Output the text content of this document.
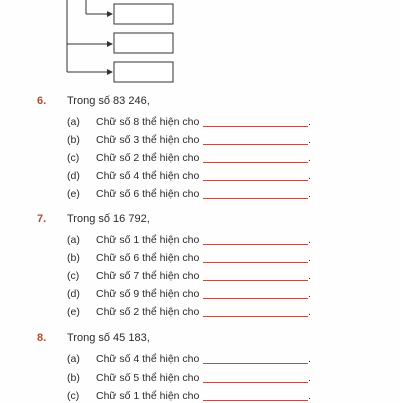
6. Trong số 83 246,
(a) Chữ số 8 thể hiện cho	.
(b) Chữ số 3 thể hiện cho	.
(c) Chữ số 2 thể hiện cho	.
(d) Chữ số 4 thể hiện cho	.
(e) Chữ số 6 thể hiện cho	.
7. Trong số 16 792,
(a) Chữ số 1 thể hiện cho	.
(b) Chữ số 6 thể hiện cho	.
(c) Chữ số 7 thể hiện cho	.
(d) Chữ số 9 thể hiện cho	.
(e) Chữ số 2 thể hiện cho	.
8. Trong số 45 183,
(a) Chữ số 4 thể hiện cho	.
(b) Chữ số 5 thể hiện cho	.
(c) Chữ số 1 thể hiện cho	.
